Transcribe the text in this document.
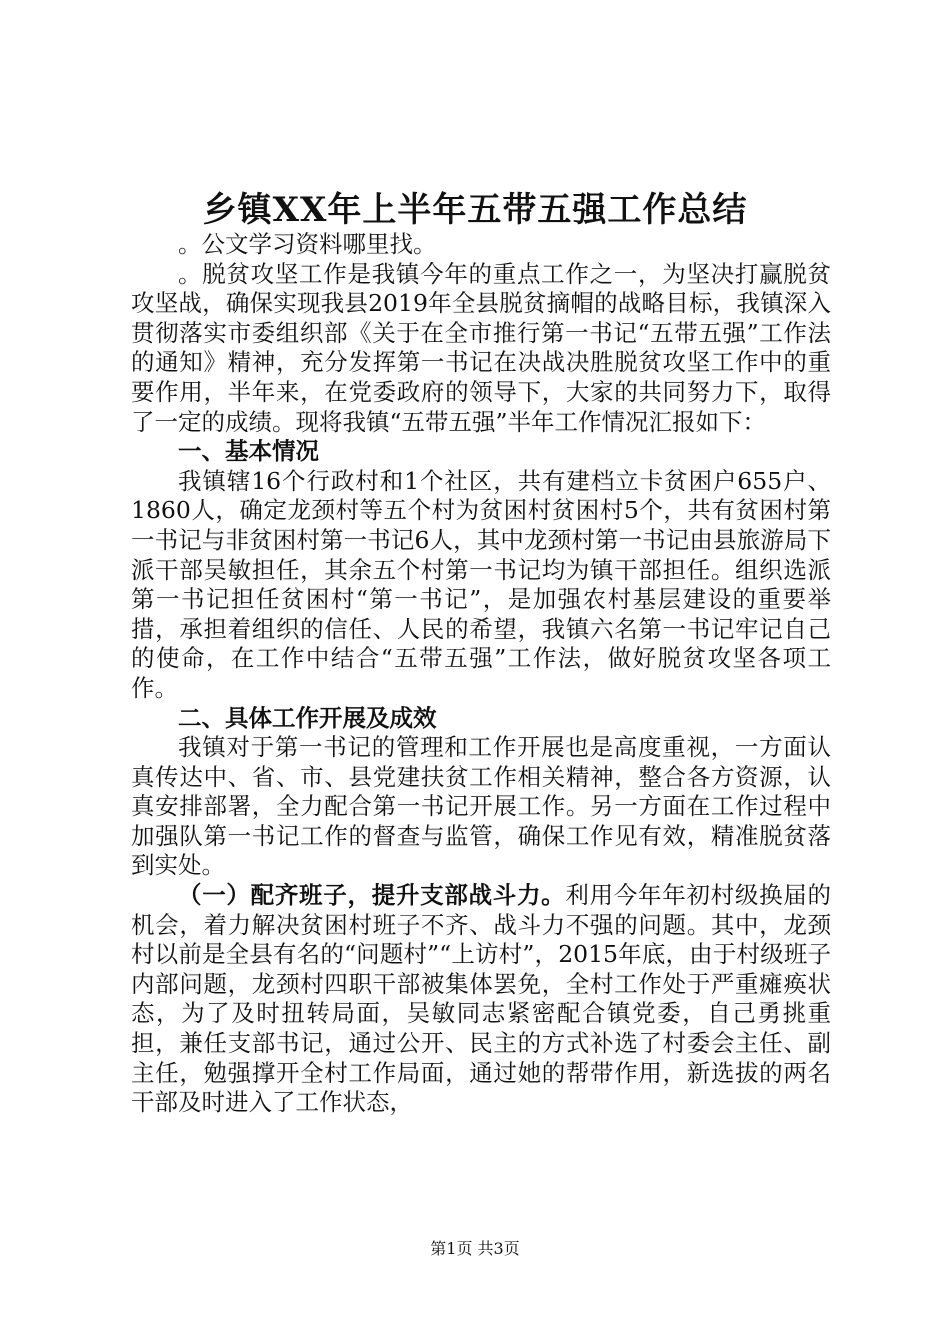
乡镇XX年上半年五带五强工作总结

。公文学习资料哪里找。

。脱贫攻坚工作是我镇今年的重点工作之一，为坚决打赢脱贫攻坚战，确保实现我县2019年全县脱贫摘帽的战略目标，我镇深入贯彻落实市委组织部《关于在全市推行第一书记“五带五强”工作法的通知》精神，充分发挥第一书记在决战决胜脱贫攻坚工作中的重要作用，半年来，在党委政府的领导下，大家的共同努力下，取得了一定的成绩。现将我镇“五带五强”半年工作情况汇报如下：

一、基本情况

我镇辖16个行政村和1个社区，共有建档立卡贫困户655户、1860人，确定龙颈村等五个村为贫困村贫困村5个，共有贫困村第一书记与非贫困村第一书记6人，其中龙颈村第一书记由县旅游局下派干部吴敏担任，其余五个村第一书记均为镇干部担任。组织选派第一书记担任贫困村“第一书记”，是加强农村基层建设的重要举措，承担着组织的信任、人民的希望，我镇六名第一书记牢记自己的使命，在工作中结合“五带五强”工作法，做好脱贫攻坚各项工作。

二、具体工作开展及成效

我镇对于第一书记的管理和工作开展也是高度重视，一方面认真传达中、省、市、县党建扶贫工作相关精神，整合各方资源，认真安排部署，全力配合第一书记开展工作。另一方面在工作过程中加强队第一书记工作的督查与监管，确保工作见有效，精准脱贫落到实处。

（一）配齐班子，提升支部战斗力。利用今年年初村级换届的机会，着力解决贫困村班子不齐、战斗力不强的问题。其中，龙颈村以前是全县有名的“问题村”“上访村”，2015年底，由于村级班子内部问题，龙颈村四职干部被集体罢免，全村工作处于严重瘫痪状态，为了及时扭转局面，吴敏同志紧密配合镇党委，自己勇挑重担，兼任支部书记，通过公开、民主的方式补选了村委会主任、副主任，勉强撑开全村工作局面，通过她的帮带作用，新选拔的两名干部及时进入了工作状态，

第1页 共3页
